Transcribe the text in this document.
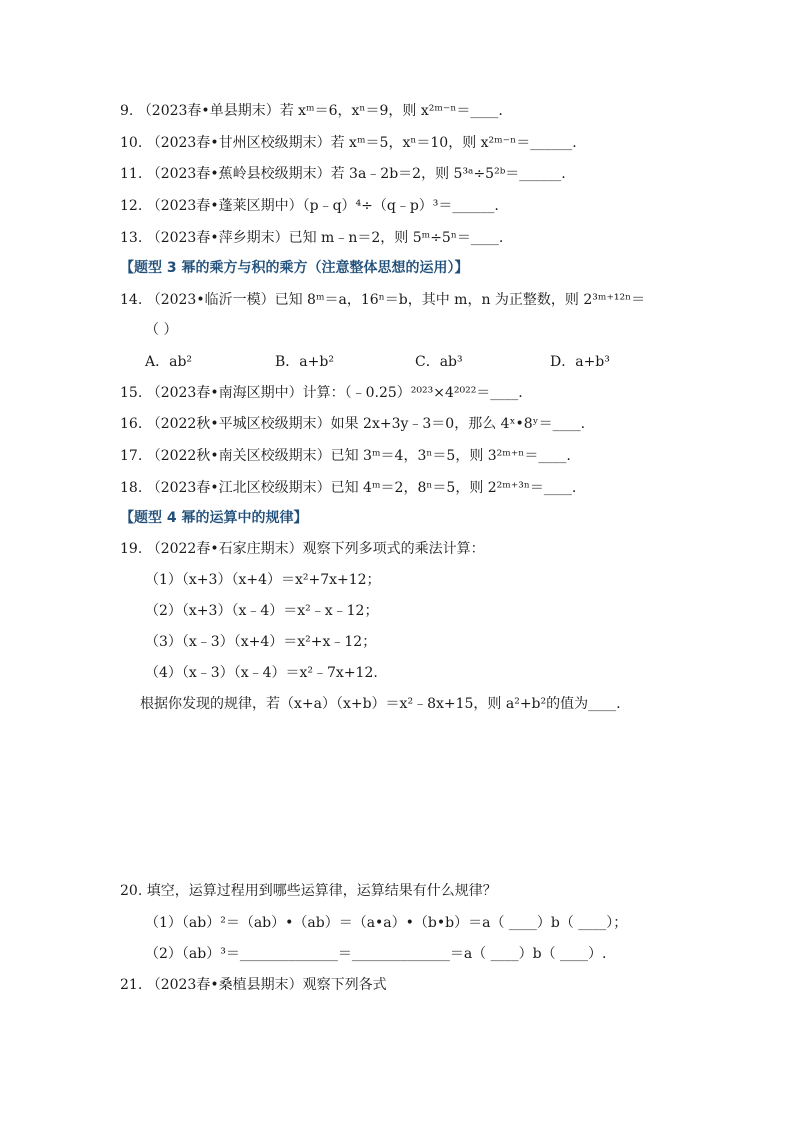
9. （2023春•单县期末）若 xᵐ＝6，xⁿ＝9，则 x²ᵐ⁻ⁿ＝____.
10. （2023春•甘州区校级期末）若 xᵐ＝5，xⁿ＝10，则 x²ᵐ⁻ⁿ＝______.
11. （2023春•蕉岭县校级期末）若 3a﹣2b＝2，则 5³ᵃ÷5²ᵇ＝______.
12. （2023春•蓬莱区期中）（p﹣q）⁴÷（q﹣p）³＝______.
13. （2023春•萍乡期末）已知 m﹣n＝2，则 5ᵐ÷5ⁿ＝____.
【题型 3 幂的乘方与积的乘方（注意整体思想的运用）】
14. （2023•临沂一模）已知 8ᵐ＝a，16ⁿ＝b，其中 m，n 为正整数，则 2³ᵐ⁺¹²ⁿ＝
（ ）
A．ab²	B．a+b²	C．ab³	D．a+b³
15. （2023春•南海区期中）计算：（﹣0.25）²⁰²³×4²⁰²²＝____.
16. （2022秋•平城区校级期末）如果 2x+3y﹣3＝0，那么 4ˣ•8ʸ＝____.
17. （2022秋•南关区校级期末）已知 3ᵐ＝4，3ⁿ＝5，则 3²ᵐ⁺ⁿ＝____.
18. （2023春•江北区校级期末）已知 4ᵐ＝2，8ⁿ＝5，则 2²ᵐ⁺³ⁿ＝____.
【题型 4 幂的运算中的规律】
19. （2022春•石家庄期末）观察下列多项式的乘法计算：
（1）（x+3）（x+4）＝x²+7x+12；
（2）（x+3）（x﹣4）＝x²﹣x﹣12；
（3）（x﹣3）（x+4）＝x²+x﹣12；
（4）（x﹣3）（x﹣4）＝x²﹣7x+12.
根据你发现的规律，若（x+a）（x+b）＝x²﹣8x+15，则 a²+b²的值为____.
20. 填空，运算过程用到哪些运算律，运算结果有什么规律？
（1）（ab）²＝（ab）•（ab）＝（a•a）•（b•b）＝a（ ____）b（ ____）；
（2）（ab）³＝______________＝______________＝a（ ____）b（ ____）.
21. （2023春•桑植县期末）观察下列各式
